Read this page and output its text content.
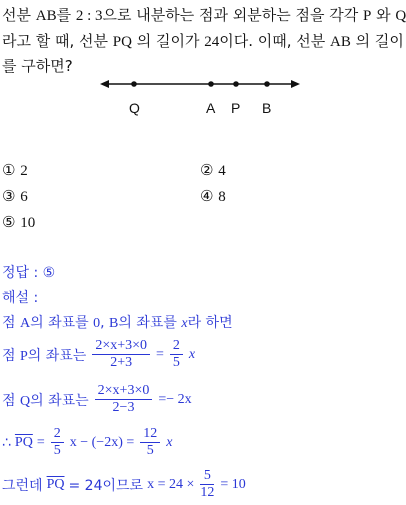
선분 AB를 2 : 3으로 내분하는 점과 외분하는 점을 각각 P 와 Q
라고 할 때, 선분 PQ 의 길이가 24이다. 이때, 선분 AB 의 길이
를 구하면?
Q	A P B
① 2	② 4
③ 6	④ 8
⑤ 10
정답 : ⑤
해설 :
점 A의 좌표를 0, B의 좌표를 x라 하면
점 P의 좌표는 $\frac{2\times x+3\times 0}{2+3} = \frac{2}{5}$ x
점 Q의 좌표는 $\frac{2\times x+3\times 0}{2-3} =- 2x$
∴ $\overline{PQ} = \frac{2}{5}$ $x - (-2x) = \frac{12}{5}$ x
그런데 $\overline{PQ} = 24$이므로 $x = 24 \times \frac{5}{12} = 10$
